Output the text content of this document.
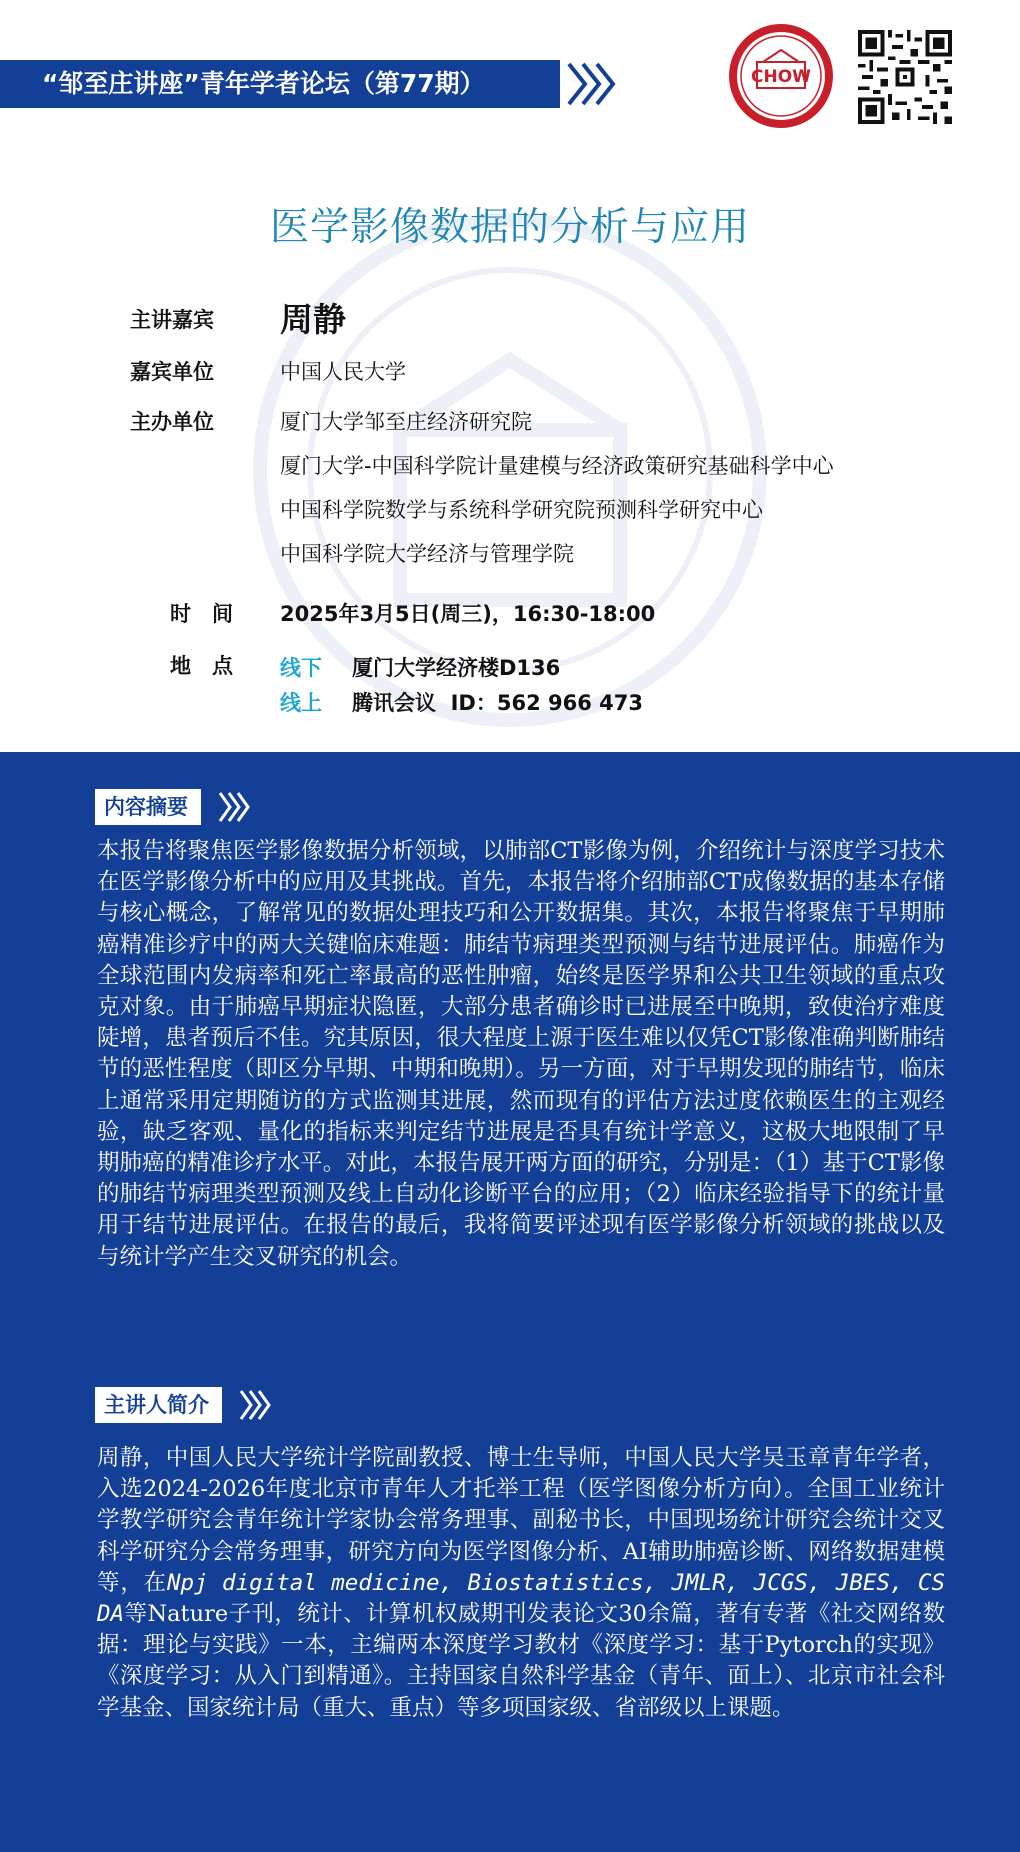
“邹至庄讲座”青年学者论坛（第77期）	CHOW
医学影像数据的分析与应用
主讲嘉宾	周静
嘉宾单位	中国人民大学
主办单位	厦门大学邹至庄经济研究院
厦门大学-中国科学院计量建模与经济政策研究基础科学中心
中国科学院数学与系统科学研究院预测科学研究中心
中国科学院大学经济与管理学院
时　间	2025年3月5日(周三)，16:30-18:00
地　点	线下 厦门大学经济楼D136
线上 腾讯会议  ID：562 966 473
内容摘要
本报告将聚焦医学影像数据分析领域，以肺部CT影像为例，介绍统计与深度学习技术在医学影像分析中的应用及其挑战。首先，本报告将介绍肺部CT成像数据的基本存储与核心概念，了解常见的数据处理技巧和公开数据集。其次，本报告将聚焦于早期肺癌精准诊疗中的两大关键临床难题：肺结节病理类型预测与结节进展评估。肺癌作为全球范围内发病率和死亡率最高的恶性肿瘤，始终是医学界和公共卫生领域的重点攻克对象。由于肺癌早期症状隐匿，大部分患者确诊时已进展至中晚期，致使治疗难度陡增，患者预后不佳。究其原因，很大程度上源于医生难以仅凭CT影像准确判断肺结节的恶性程度（即区分早期、中期和晚期）。另一方面，对于早期发现的肺结节，临床上通常采用定期随访的方式监测其进展，然而现有的评估方法过度依赖医生的主观经验，缺乏客观、量化的指标来判定结节进展是否具有统计学意义，这极大地限制了早期肺癌的精准诊疗水平。对此，本报告展开两方面的研究，分别是：（1）基于CT影像的肺结节病理类型预测及线上自动化诊断平台的应用；（2）临床经验指导下的统计量用于结节进展评估。在报告的最后，我将简要评述现有医学影像分析领域的挑战以及与统计学产生交叉研究的机会。
主讲人简介
周静，中国人民大学统计学院副教授、博士生导师，中国人民大学吴玉章青年学者，入选2024-2026年度北京市青年人才托举工程（医学图像分析方向）。全国工业统计学教学研究会青年统计学家协会常务理事、副秘书长，中国现场统计研究会统计交叉科学研究分会常务理事，研究方向为医学图像分析、AI辅助肺癌诊断、网络数据建模等，在Npj digital medicine, Biostatistics, JMLR, JCGS, JBES, CSDA等Nature子刊，统计、计算机权威期刊发表论文30余篇，著有专著《社交网络数据：理论与实践》一本，主编两本深度学习教材《深度学习：基于Pytorch的实现》《深度学习：从入门到精通》。主持国家自然科学基金（青年、面上）、北京市社会科学基金、国家统计局（重大、重点）等多项国家级、省部级以上课题。
